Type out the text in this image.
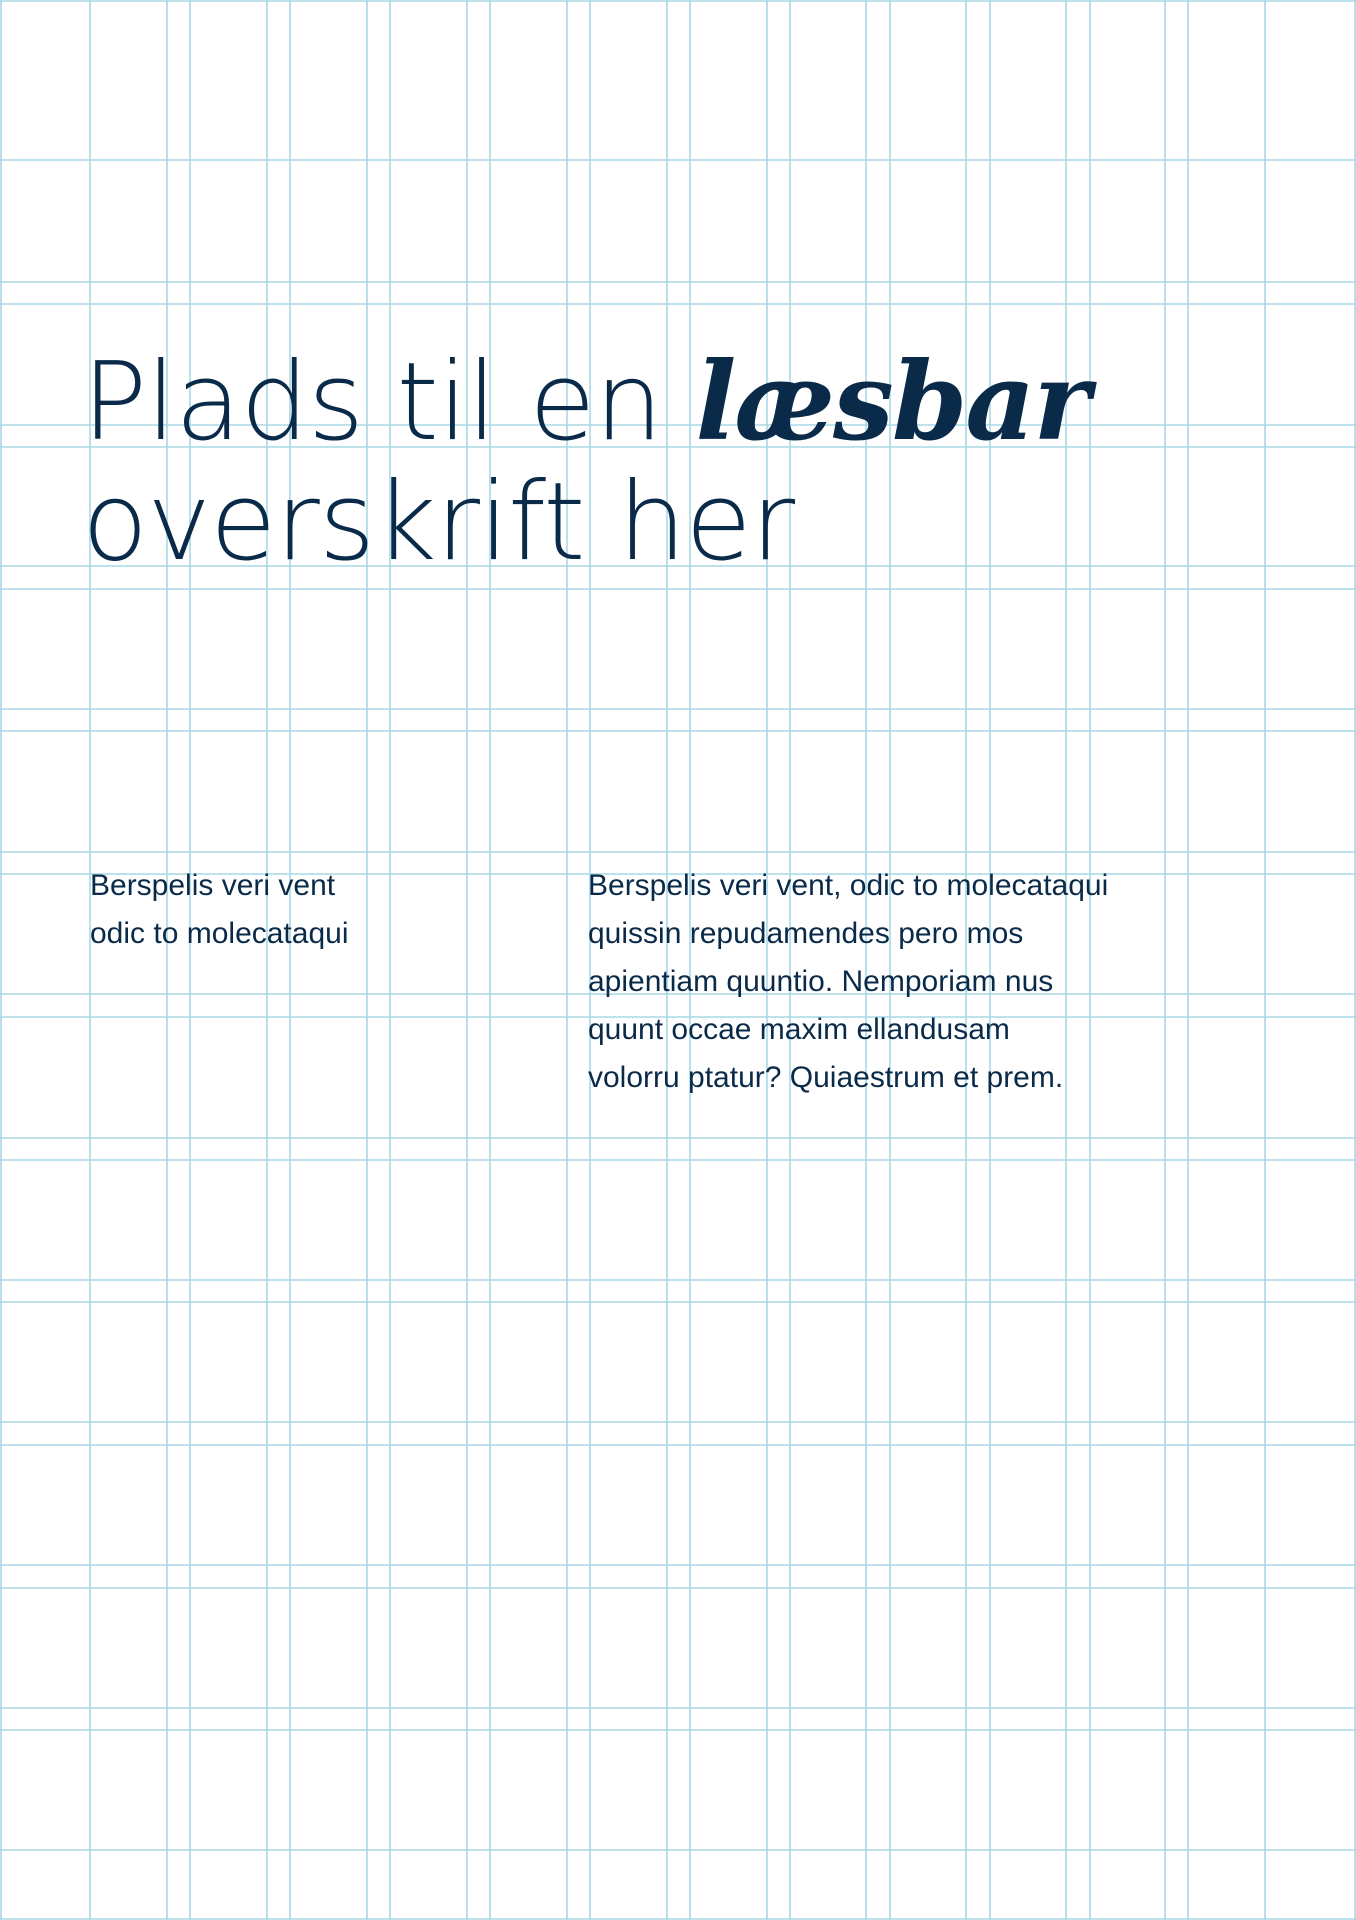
Plads til en læsbar
overskrift her

Berspelis veri vent
odic to molecataqui

Berspelis veri vent, odic to molecataqui
quissin repudamendes pero mos
apientiam quuntio. Nemporiam nus
quunt occae maxim ellandusam
volorru ptatur? Quiaestrum et prem.
